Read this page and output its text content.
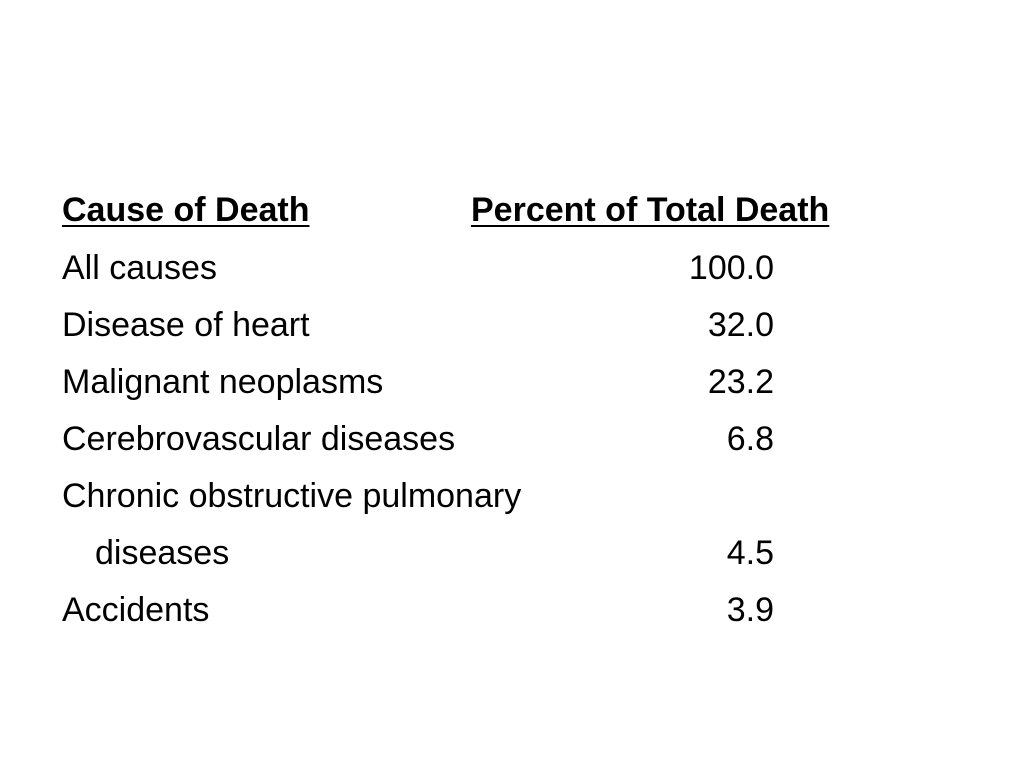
Cause of Death	Percent of Total Death
All causes	100.0
Disease of heart	32.0
Malignant neoplasms	23.2
Cerebrovascular diseases	6.8
Chronic obstructive pulmonary
diseases	4.5
Accidents	3.9
